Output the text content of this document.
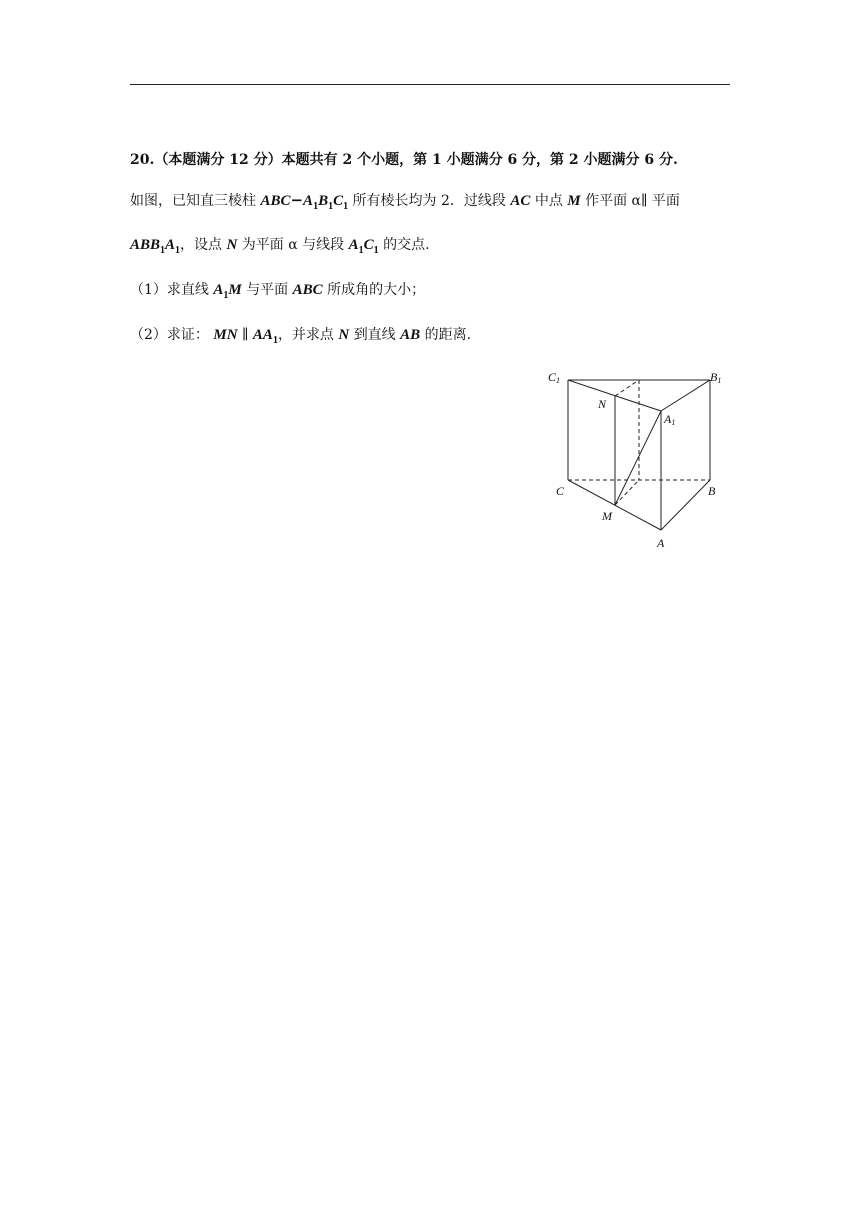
20.（本题满分 12 分）本题共有 2 个小题，第 1 小题满分 6 分，第 2 小题满分 6 分.
如图，已知直三棱柱 $ABC-A_1B_1C_1$ 所有棱长均为 2．过线段 AC 中点 M 作平面 α∥ 平面
$ABB_1A_1$，设点 N 为平面 α 与线段 $A_1C_1$ 的交点.
（1）求直线 $A_1M$ 与平面 ABC 所成角的大小；
（2）求证： MN ∥ $AA_1$，并求点 N 到直线 AB 的距离.
C1	B1
N
A1
C	B
M
A
